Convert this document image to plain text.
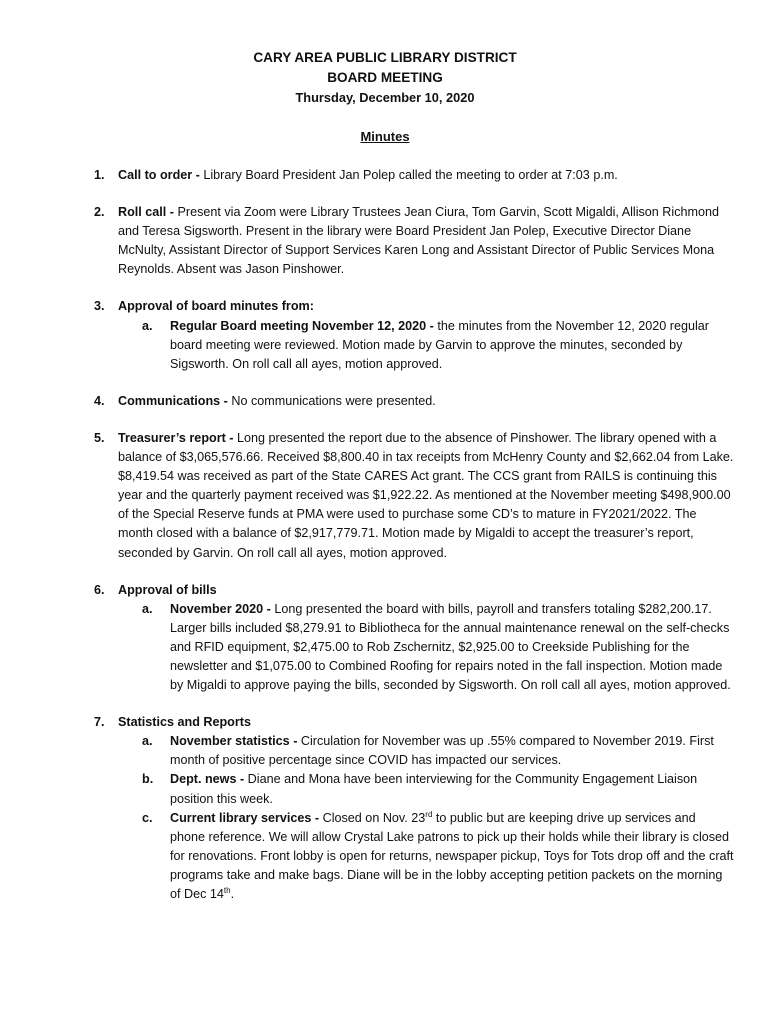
CARY AREA PUBLIC LIBRARY DISTRICT
BOARD MEETING
Thursday, December 10, 2020
Minutes
1. Call to order - Library Board President Jan Polep called the meeting to order at 7:03 p.m.
2. Roll call - Present via Zoom were Library Trustees Jean Ciura, Tom Garvin, Scott Migaldi, Allison Richmond and Teresa Sigsworth. Present in the library were Board President Jan Polep, Executive Director Diane McNulty, Assistant Director of Support Services Karen Long and Assistant Director of Public Services Mona Reynolds. Absent was Jason Pinshower.
3. Approval of board minutes from:
a. Regular Board meeting November 12, 2020 - the minutes from the November 12, 2020 regular board meeting were reviewed. Motion made by Garvin to approve the minutes, seconded by Sigsworth. On roll call all ayes, motion approved.
4. Communications - No communications were presented.
5. Treasurer’s report - Long presented the report due to the absence of Pinshower. The library opened with a balance of $3,065,576.66. Received $8,800.40 in tax receipts from McHenry County and $2,662.04 from Lake. $8,419.54 was received as part of the State CARES Act grant. The CCS grant from RAILS is continuing this year and the quarterly payment received was $1,922.22. As mentioned at the November meeting $498,900.00 of the Special Reserve funds at PMA were used to purchase some CD’s to mature in FY2021/2022. The month closed with a balance of $2,917,779.71. Motion made by Migaldi to accept the treasurer’s report, seconded by Garvin. On roll call all ayes, motion approved.
6. Approval of bills
a. November 2020 - Long presented the board with bills, payroll and transfers totaling $282,200.17. Larger bills included $8,279.91 to Bibliotheca for the annual maintenance renewal on the self-checks and RFID equipment, $2,475.00 to Rob Zschernitz, $2,925.00 to Creekside Publishing for the newsletter and $1,075.00 to Combined Roofing for repairs noted in the fall inspection. Motion made by Migaldi to approve paying the bills, seconded by Sigsworth. On roll call all ayes, motion approved.
7. Statistics and Reports
a. November statistics - Circulation for November was up .55% compared to November 2019. First month of positive percentage since COVID has impacted our services.
b. Dept. news - Diane and Mona have been interviewing for the Community Engagement Liaison position this week.
c. Current library services - Closed on Nov. 23rd to public but are keeping drive up services and phone reference. We will allow Crystal Lake patrons to pick up their holds while their library is closed for renovations. Front lobby is open for returns, newspaper pickup, Toys for Tots drop off and the craft programs take and make bags. Diane will be in the lobby accepting petition packets on the morning of Dec 14th.
